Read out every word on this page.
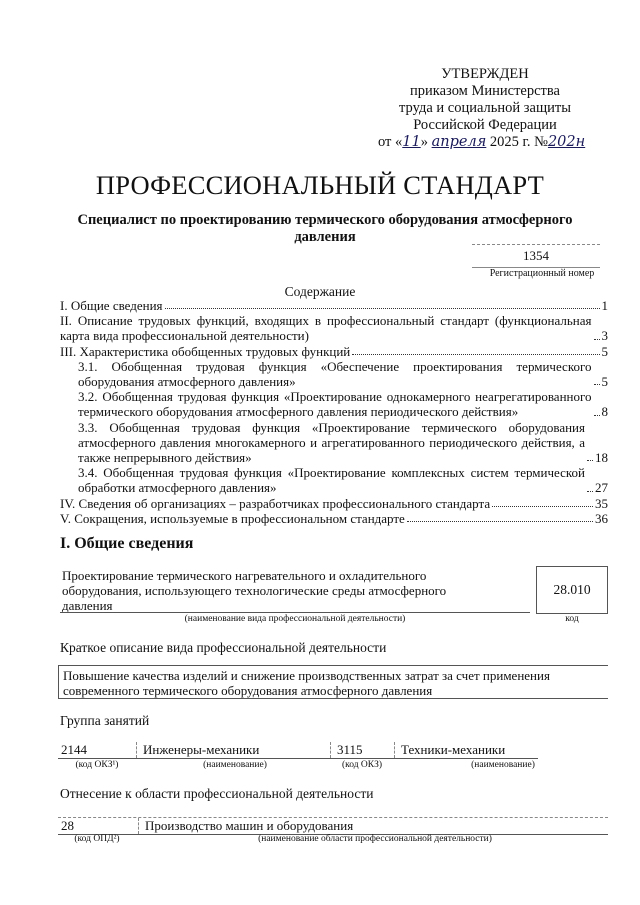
УТВЕРЖДЕН
приказом Министерства
труда и социальной защиты
Российской Федерации
от «11» апреля 2025 г. №202н
ПРОФЕССИОНАЛЬНЫЙ СТАНДАРТ
Специалист по проектированию термического оборудования атмосферного давления
1354
Регистрационный номер
Содержание
I. Общие сведения	1
II. Описание трудовых функций, входящих в профессиональный стандарт (функциональная карта вида профессиональной деятельности)	3
III. Характеристика обобщенных трудовых функций	5
3.1. Обобщенная трудовая функция «Обеспечение проектирования термического оборудования атмосферного давления»	5
3.2. Обобщенная трудовая функция «Проектирование однокамерного неагрегатированного термического оборудования атмосферного давления периодического действия»	8
3.3. Обобщенная трудовая функция «Проектирование термического оборудования атмосферного давления многокамерного и агрегатированного периодического действия, а также непрерывного действия»	18
3.4. Обобщенная трудовая функция «Проектирование комплексных систем термической обработки атмосферного давления»	27
IV. Сведения об организациях – разработчиках профессионального стандарта	35
V. Сокращения, используемые в профессиональном стандарте	36
I. Общие сведения
Проектирование термического нагревательного и охладительного оборудования, использующего технологические среды атмосферного давления
(наименование вида профессиональной деятельности)
28.010
код
Краткое описание вида профессиональной деятельности
Повышение качества изделий и снижение производственных затрат за счет применения современного термического оборудования атмосферного давления
Группа занятий
2144	Инженеры-механики	3115	Техники-механики
(код ОКЗ¹)	(наименование)	(код ОКЗ)	(наименование)
Отнесение к области профессиональной деятельности
28	Производство машин и оборудования
(код ОПД²)	(наименование области профессиональной деятельности)
